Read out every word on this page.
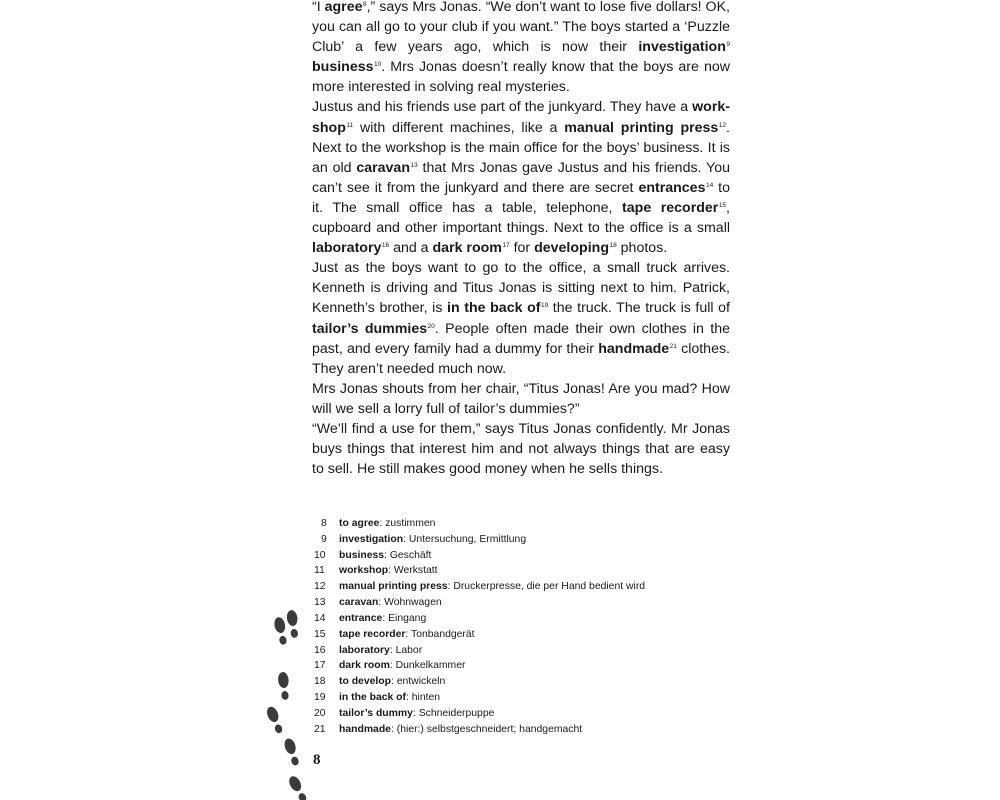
“I agree$^8$,” says Mrs Jonas. “We don’t want to lose five dollars! OK, you can all go to your club if you want.” The boys started a ‘Puzzle Club’ a few years ago, which is now their investigation$^9$ business$^{10}$. Mrs Jonas doesn’t really know that the boys are now more interested in solving real mysteries.

Justus and his friends use part of the junkyard. They have a workshop$^{11}$ with different machines, like a manual printing press$^{12}$. Next to the workshop is the main office for the boys’ business. It is an old caravan$^{13}$ that Mrs Jonas gave Justus and his friends. You can’t see it from the junkyard and there are secret entrances$^{14}$ to it. The small office has a table, telephone, tape recorder$^{15}$, cupboard and other important things. Next to the office is a small laboratory$^{16}$ and a dark room$^{17}$ for developing$^{18}$ photos.

Just as the boys want to go to the office, a small truck arrives. Kenneth is driving and Titus Jonas is sitting next to him. Patrick, Kenneth’s brother, is in the back $of^{19}$ the truck. The truck is full of tailor’s dummies$^{20}$. People often made their own clothes in the past, and every family had a dummy for their handmade$^{21}$ clothes. They aren’t needed much now.

Mrs Jonas shouts from her chair, “Titus Jonas! Are you mad? How will we sell a lorry full of tailor’s dummies?”

“We’ll find a use for them,” says Titus Jonas confidently. Mr Jonas buys things that interest him and not always things that are easy to sell. He still makes good money when he sells things.

8 to agree: zustimmen
9 investigation: Untersuchung, Ermittlung
10 business: Geschäft
11 workshop: Werkstatt
12 manual printing press: Druckerpresse, die per Hand bedient wird
13 caravan: Wohnwagen
14 entrance: Eingang
15 tape recorder: Tonbandgerät
16 laboratory: Labor
17 dark room: Dunkelkammer
18 to develop: entwickeln
19 in the back of: hinten
20 tailor’s dummy: Schneiderpuppe
21 handmade: (hier:) selbstgeschneidert; handgemacht
8
